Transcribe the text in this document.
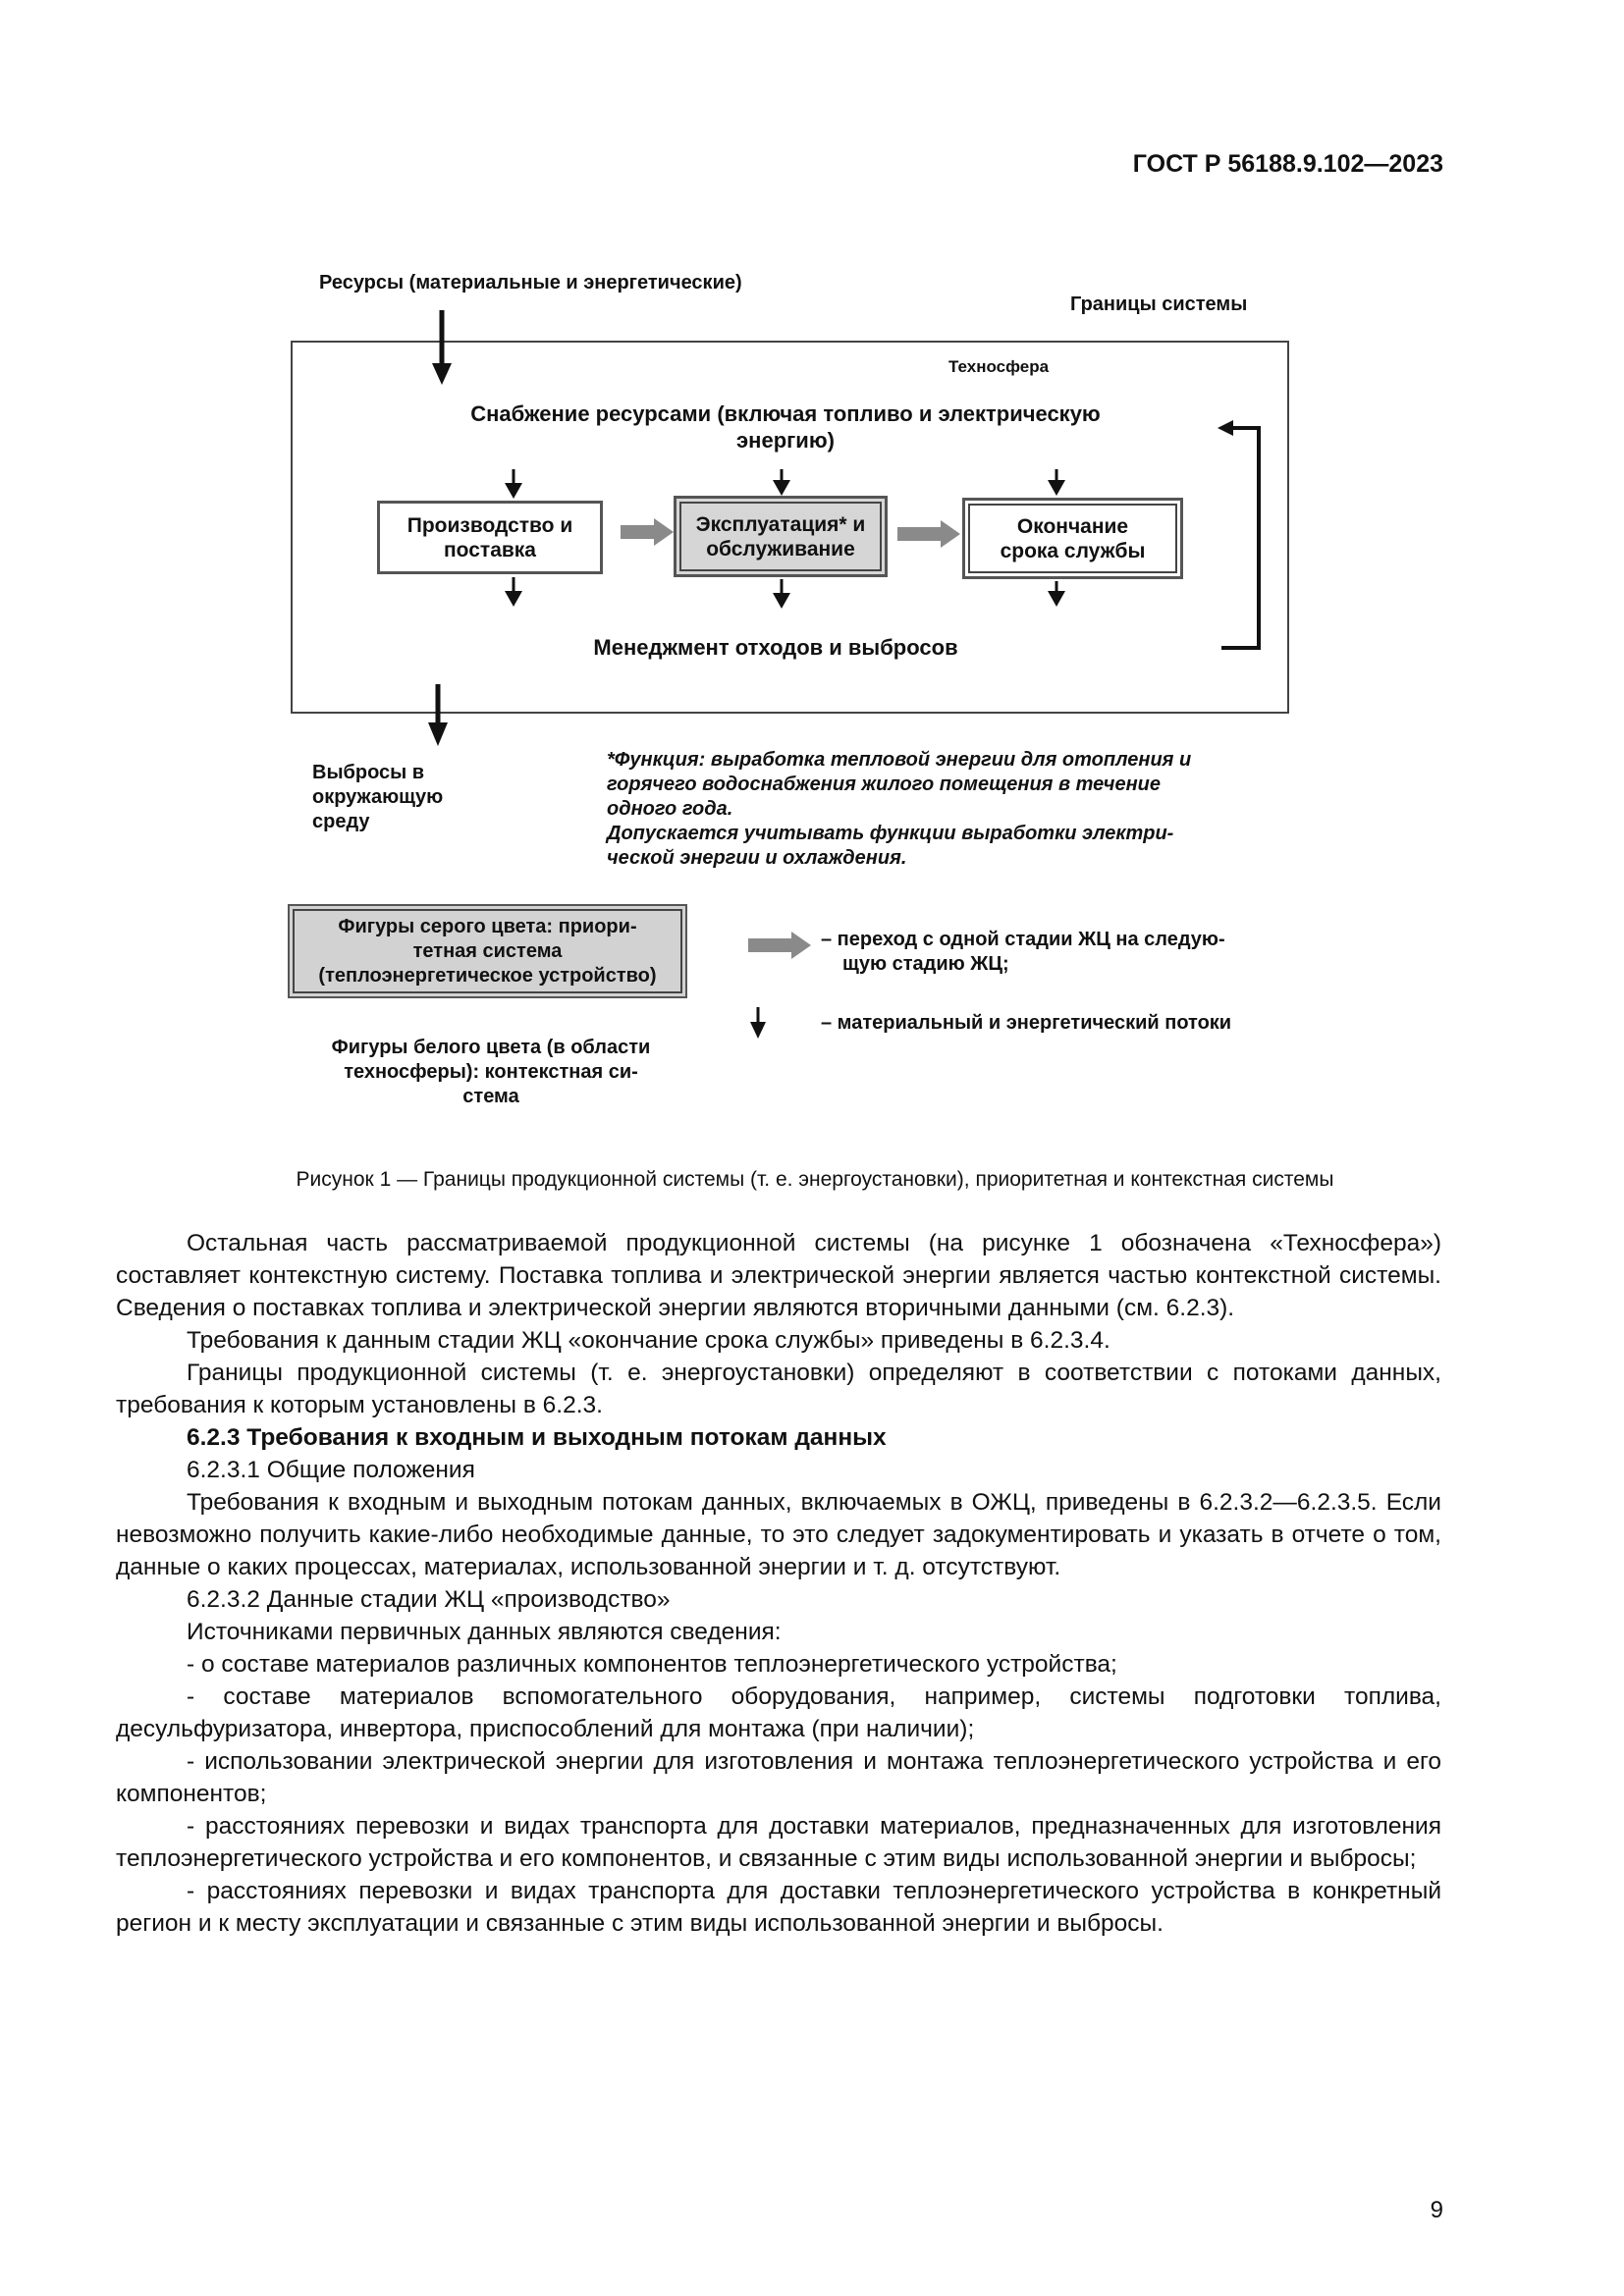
ГОСТ Р 56188.9.102—2023
Ресурсы (материальные и энергетические)
Границы системы
Техносфера
Снабжение ресурсами (включая топливо и электрическую
энергию)
Производство и
поставка
Эксплуатация* и
обслуживание
Окончание
срока службы
Менеджмент отходов и выбросов
Выбросы в
окружающую
среду
*Функция: выработка тепловой энергии для отопления и
горячего водоснабжения жилого помещения в течение
одного года.
Допускается учитывать функции выработки электри-
ческой энергии и охлаждения.
Фигуры серого цвета: приори-
тетная система
(теплоэнергетическое устройство)
Фигуры белого цвета (в области
техносферы): контекстная си-
стема
– переход с одной стадии ЖЦ на следую-
щую стадию ЖЦ;
– материальный и энергетический потоки
Рисунок 1 — Границы продукционной системы (т. е. энергоустановки), приоритетная и контекстная системы

Остальная часть рассматриваемой продукционной системы (на рисунке 1 обозначена «Техносфера») составляет контекстную систему. Поставка топлива и электрической энергии является частью контекстной системы. Сведения о поставках топлива и электрической энергии являются вторичными данными (см. 6.2.3).

Требования к данным стадии ЖЦ «окончание срока службы» приведены в 6.2.3.4.

Границы продукционной системы (т. е. энергоустановки) определяют в соответствии с потоками данных, требования к которым установлены в 6.2.3.

6.2.3 Требования к входным и выходным потокам данных

6.2.3.1 Общие положения

Требования к входным и выходным потокам данных, включаемых в ОЖЦ, приведены в 6.2.3.2—6.2.3.5. Если невозможно получить какие-либо необходимые данные, то это следует задокументировать и указать в отчете о том, данные о каких процессах, материалах, использованной энергии и т. д. отсутствуют.

6.2.3.2 Данные стадии ЖЦ «производство»

Источниками первичных данных являются сведения:

- о составе материалов различных компонентов теплоэнергетического устройства;

- составе материалов вспомогательного оборудования, например, системы подготовки топлива, десульфуризатора, инвертора, приспособлений для монтажа (при наличии);

- использовании электрической энергии для изготовления и монтажа теплоэнергетического устройства и его компонентов;

- расстояниях перевозки и видах транспорта для доставки материалов, предназначенных для изготовления теплоэнергетического устройства и его компонентов, и связанные с этим виды использованной энергии и выбросы;

- расстояниях перевозки и видах транспорта для доставки теплоэнергетического устройства в конкретный регион и к месту эксплуатации и связанные с этим виды использованной энергии и выбросы.

9
